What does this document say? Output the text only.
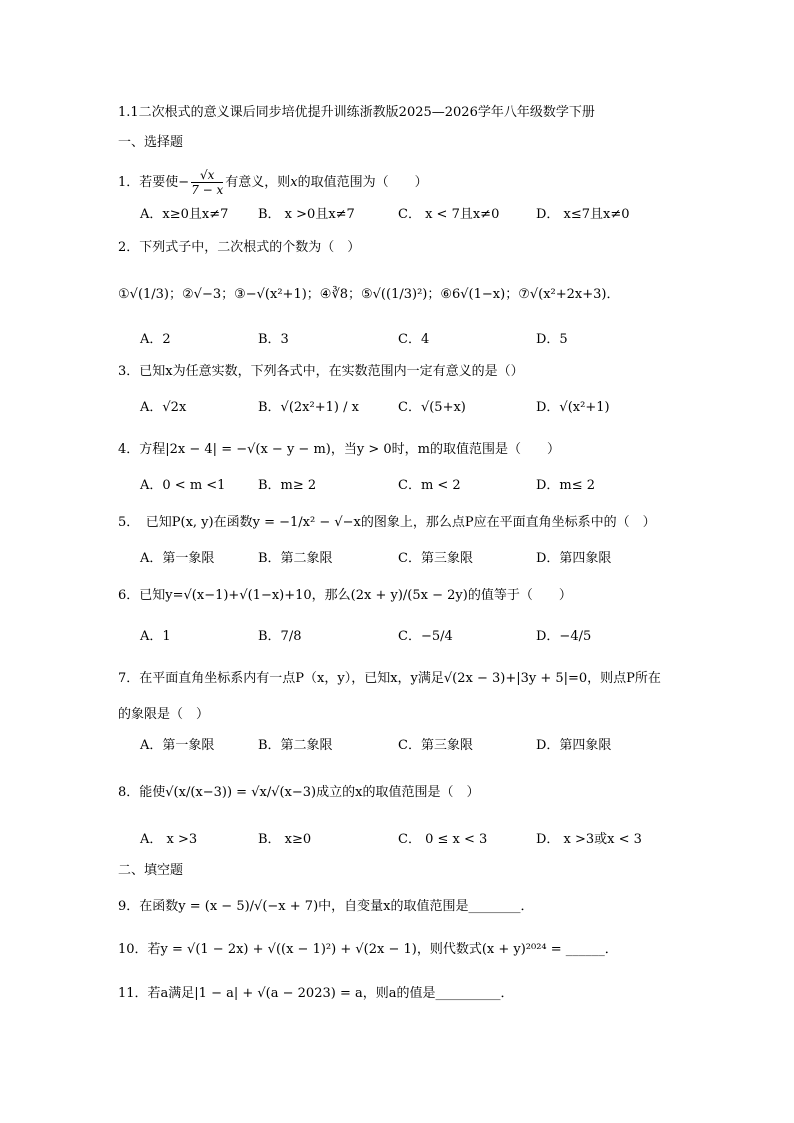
1.1二次根式的意义课后同步培优提升训练浙教版2025—2026学年八年级数学下册
一、选择题
1．若要使− $\frac{√x}{7 - x}$ 有意义，则x的取值范围为（　　）
A．x≥0且x≠7 B． x >0且x≠7	C． x < 7且x≠0	D． x≤7且x≠0
2．下列式子中，二次根式的个数为（　）
①√(1/3)；②√−3；③−√(x²+1)；④∛8；⑤√((1/3)²)；⑥6√(1−x)；⑦√(x²+2x+3)．
A．2	B．3	C．4	D．5
3．已知x为任意实数，下列各式中，在实数范围内一定有意义的是（）
A．√2x	B．√(2x²+1) / x	C．√(5+x)	D．√(x²+1)
4．方程|2x − 4| = −√(x − y − m)，当y > 0时，m的取值范围是（　　）
A．0 < m <1	B．m≥ 2	C．m < 2	D．m≤ 2
5．　已知P(x, y)在函数y = −1/x² − √−x的图象上，那么点P应在平面直角坐标系中的（　）
A．第一象限	B．第二象限	C．第三象限	D．第四象限
6．已知y=√(x−1)+√(1−x)+10，那么(2x + y)/(5x − 2y)的值等于（　　）
A．1	B．7/8	C．−5/4	D．−4/5
7．在平面直角坐标系内有一点P（x，y），已知x，y满足√(2x − 3)+|3y + 5|=0，则点P所在
的象限是（　）
A．第一象限	B．第二象限	C．第三象限	D．第四象限
8．能使√(x/(x−3)) = √x/√(x−3)成立的x的取值范围是（　）
A． x >3	B． x≥0	C． 0 ≤ x < 3	D． x >3或x < 3
二、填空题
9．在函数y = (x − 5)/√(−x + 7)中，自变量x的取值范围是________．
10．若y = √(1 − 2x) + √((x − 1)²) + √(2x − 1)，则代数式(x + y)²⁰²⁴ = ______．
11．若a满足|1 − a| + √(a − 2023) = a，则a的值是__________．
